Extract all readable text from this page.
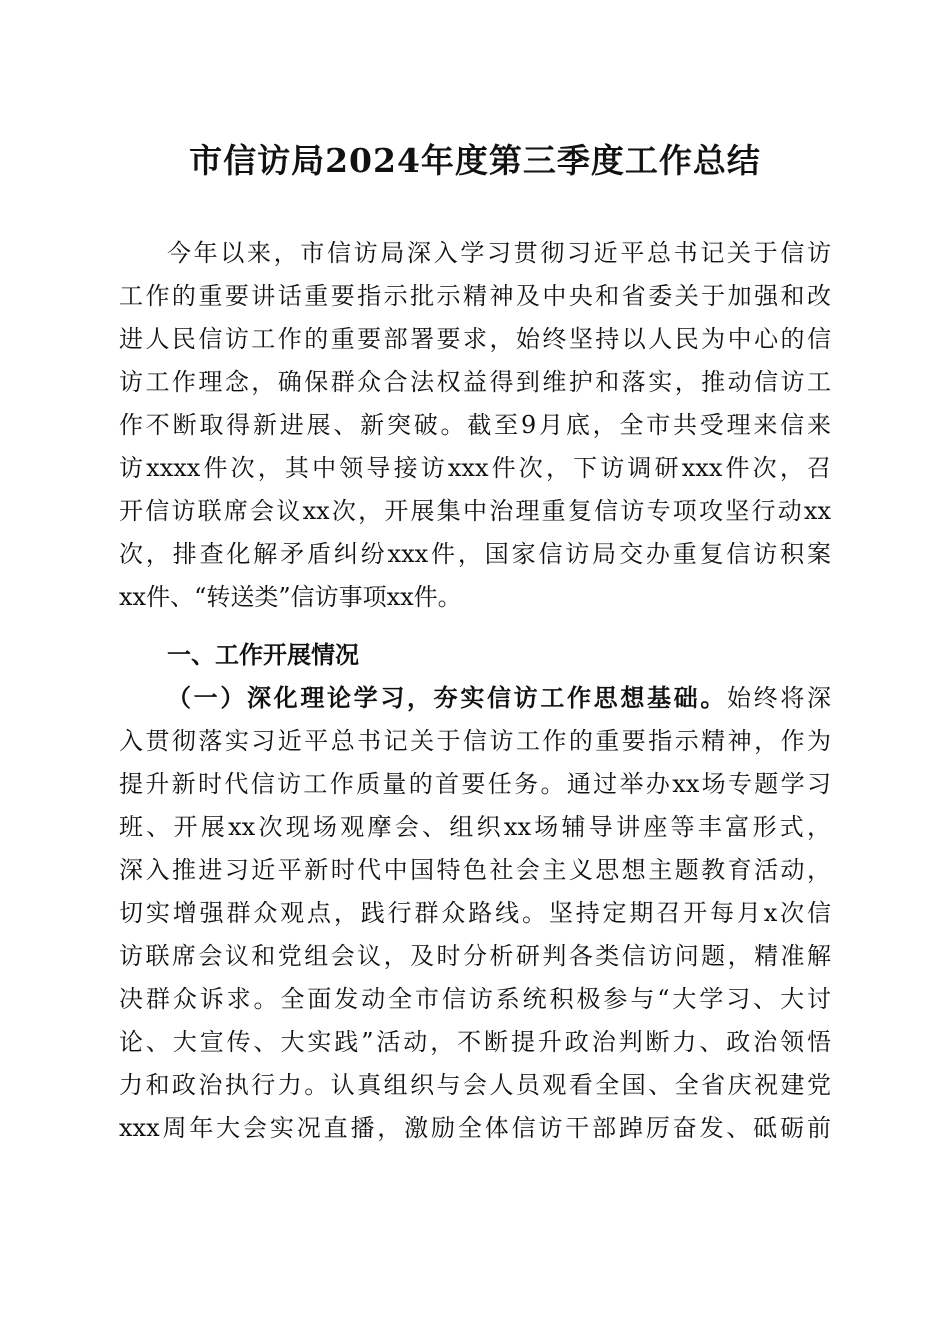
市信访局2024年度第三季度工作总结
今年以来，市信访局深入学习贯彻习近平总书记关于信访
工作的重要讲话重要指示批示精神及中央和省委关于加强和改
进人民信访工作的重要部署要求，始终坚持以人民为中心的信
访工作理念，确保群众合法权益得到维护和落实，推动信访工
作不断取得新进展、新突破。截至9月底，全市共受理来信来
访xxxx件次，其中领导接访xxx件次，下访调研xxx件次，召
开信访联席会议xx次，开展集中治理重复信访专项攻坚行动xx
次，排查化解矛盾纠纷xxx件，国家信访局交办重复信访积案
xx件、“转送类”信访事项xx件。
一、工作开展情况
（一）深化理论学习，夯实信访工作思想基础。始终将深
入贯彻落实习近平总书记关于信访工作的重要指示精神，作为
提升新时代信访工作质量的首要任务。通过举办xx场专题学习
班、开展xx次现场观摩会、组织xx场辅导讲座等丰富形式，
深入推进习近平新时代中国特色社会主义思想主题教育活动，
切实增强群众观点，践行群众路线。坚持定期召开每月x次信
访联席会议和党组会议，及时分析研判各类信访问题，精准解
决群众诉求。全面发动全市信访系统积极参与“大学习、大讨
论、大宣传、大实践”活动，不断提升政治判断力、政治领悟
力和政治执行力。认真组织与会人员观看全国、全省庆祝建党
xxx周年大会实况直播，激励全体信访干部踔厉奋发、砥砺前
